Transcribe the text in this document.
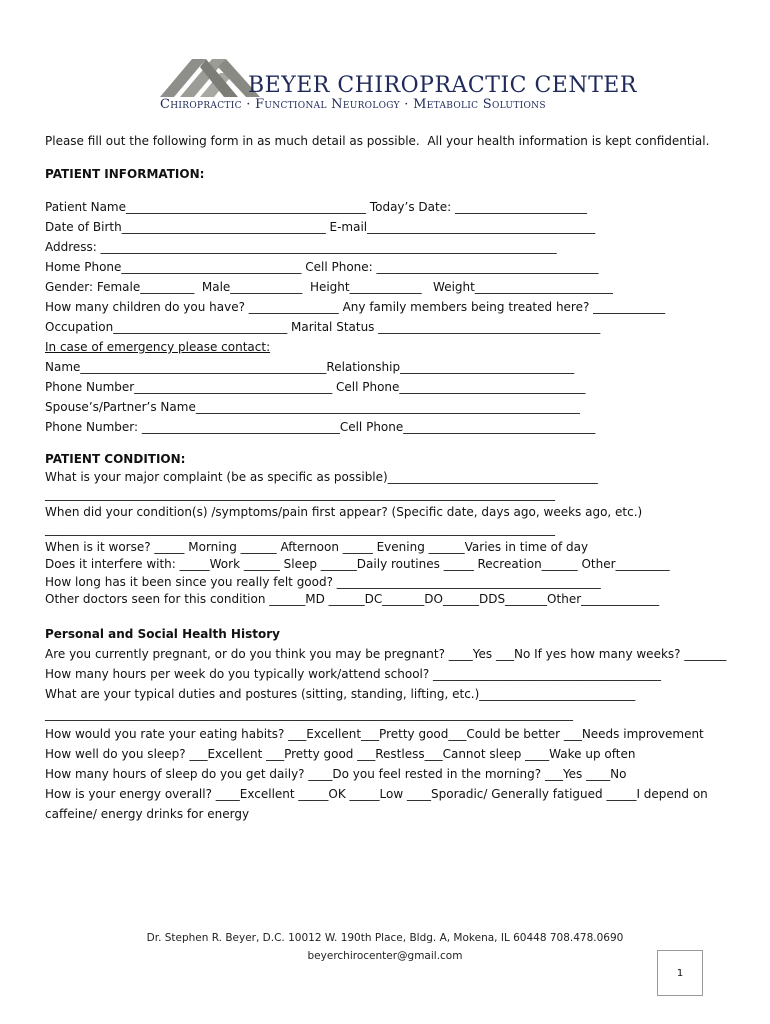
BEYER CHIROPRACTIC CENTER
Chiropractic · Functional Neurology · Metabolic Solutions
Please fill out the following form in as much detail as possible.  All your health information is kept confidential.
PATIENT INFORMATION:
Patient Name________________________________________ Today’s Date: ______________________
Date of Birth__________________________________ E-mail______________________________________
Address: ____________________________________________________________________________
Home Phone______________________________ Cell Phone: _____________________________________
Gender: Female_________  Male____________  Height____________   Weight_______________________
How many children do you have? _______________ Any family members being treated here? ____________
Occupation_____________________________ Marital Status _____________________________________
In case of emergency please contact:
Name_________________________________________Relationship_____________________________
Phone Number_________________________________ Cell Phone_______________________________
Spouse’s/Partner’s Name________________________________________________________________
Phone Number: _________________________________Cell Phone________________________________
PATIENT CONDITION:
What is your major complaint (be as specific as possible)___________________________________
_____________________________________________________________________________________
When did your condition(s) /symptoms/pain first appear? (Specific date, days ago, weeks ago, etc.)
_____________________________________________________________________________________
When is it worse? _____ Morning ______ Afternoon _____ Evening ______Varies in time of day
Does it interfere with: _____Work ______ Sleep ______Daily routines _____ Recreation______ Other_________
How long has it been since you really felt good? ____________________________________________
Other doctors seen for this condition ______MD ______DC_______DO______DDS_______Other_____________
Personal and Social Health History
Are you currently pregnant, or do you think you may be pregnant? ____Yes ___No If yes how many weeks? _______
How many hours per week do you typically work/attend school? ______________________________________
What are your typical duties and postures (sitting, standing, lifting, etc.)__________________________
________________________________________________________________________________________
How would you rate your eating habits? ___Excellent___Pretty good___Could be better ___Needs improvement
How well do you sleep? ___Excellent ___Pretty good ___Restless___Cannot sleep ____Wake up often
How many hours of sleep do you get daily? ____Do you feel rested in the morning? ___Yes ____No
How is your energy overall? ____Excellent _____OK _____Low ____Sporadic/ Generally fatigued _____I depend on
caffeine/ energy drinks for energy
Dr. Stephen R. Beyer, D.C. 10012 W. 190th Place, Bldg. A, Mokena, IL 60448 708.478.0690
beyerchirocenter@gmail.com
1
